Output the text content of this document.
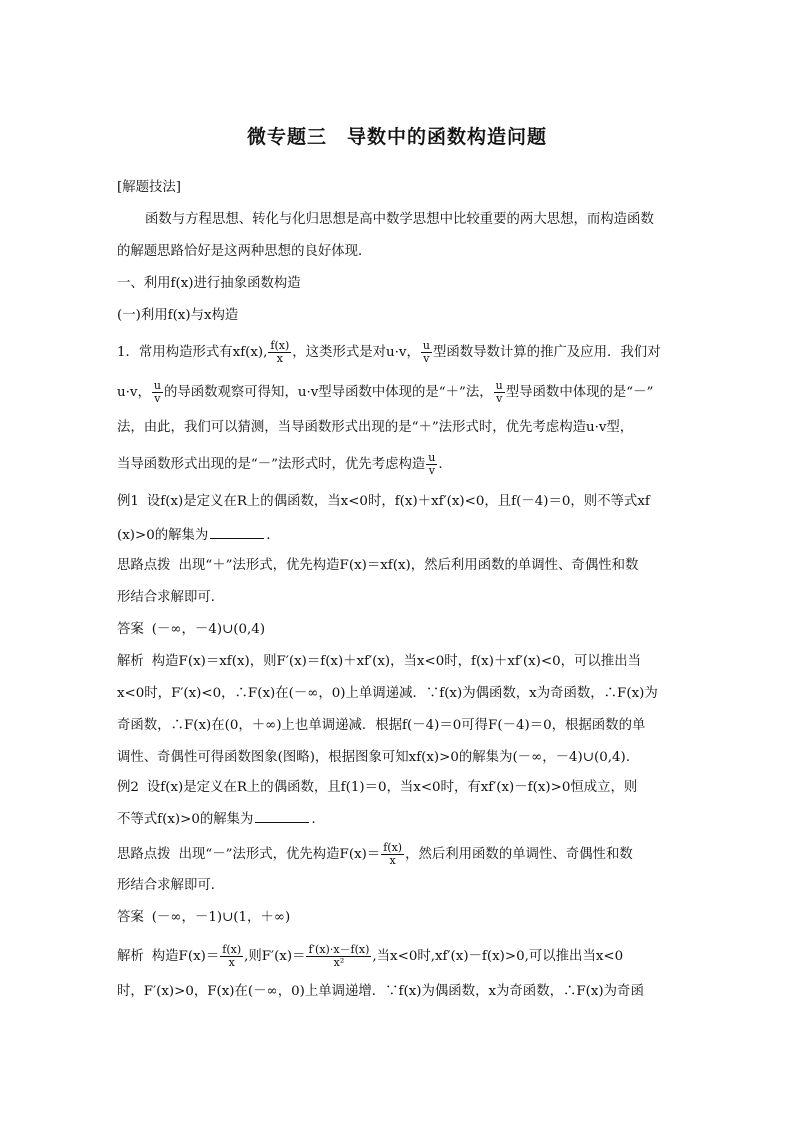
微专题三　导数中的函数构造问题
[解题技法]
函数与方程思想、转化与化归思想是高中数学思想中比较重要的两大思想，而构造函数
的解题思路恰好是这两种思想的良好体现．
一、利用f(x)进行抽象函数构造
(一)利用f(x)与x构造
1．常用构造形式有xf(x), $\frac{f(x)}{x}$ ，这类形式是对u·v， $\frac{u}{v}$ 型函数导数计算的推广及应用．我们对
u·v， $\frac{u}{v}$ 的导函数观察可得知，u·v型导函数中体现的是“＋”法， $\frac{u}{v}$ 型导函数中体现的是“－”
法，由此，我们可以猜测，当导函数形式出现的是“＋”法形式时，优先考虑构造u·v型，
当导函数形式出现的是“－”法形式时，优先考虑构造 $\frac{u}{v}$ .
例1 设f(x)是定义在R上的偶函数，当x<0时，f(x)＋xf′(x)<0，且f(－4)＝0，则不等式xf
(x)>0的解集为	．
思路点拨 出现“＋”法形式，优先构造F(x)＝xf(x)，然后利用函数的单调性、奇偶性和数
形结合求解即可．
答案 (－∞，－4)∪(0,4)
解析 构造F(x)＝xf(x)，则F′(x)＝f(x)＋xf′(x)，当x<0时，f(x)＋xf′(x)<0，可以推出当
x<0时，F′(x)<0，∴F(x)在(－∞，0)上单调递减．∵f(x)为偶函数，x为奇函数，∴F(x)为
奇函数，∴F(x)在(0，＋∞)上也单调递减．根据f(－4)＝0可得F(－4)＝0，根据函数的单
调性、奇偶性可得函数图象(图略)，根据图象可知xf(x)>0的解集为(－∞，－4)∪(0,4).
例2 设f(x)是定义在R上的偶函数，且f(1)＝0，当x<0时，有xf′(x)－f(x)>0恒成立，则
不等式f(x)>0的解集为	．
思路点拨 出现“－”法形式，优先构造$F(x)= \frac{f(x)}{x}$ ，然后利用函数的单调性、奇偶性和数
形结合求解即可．
答案 (－∞，－1)∪(1，＋∞)
解析 构造$F(x)= \frac{f(x)}{x}$ ,则$F'(x)= \frac{f'(x)\cdot x-f(x)}{\text{x²}}$ ,当x<0时,xf′(x)－f(x)>0,可以推出当x<0
时，F′(x)>0，F(x)在(－∞，0)上单调递增．∵f(x)为偶函数，x为奇函数，∴F(x)为奇函
